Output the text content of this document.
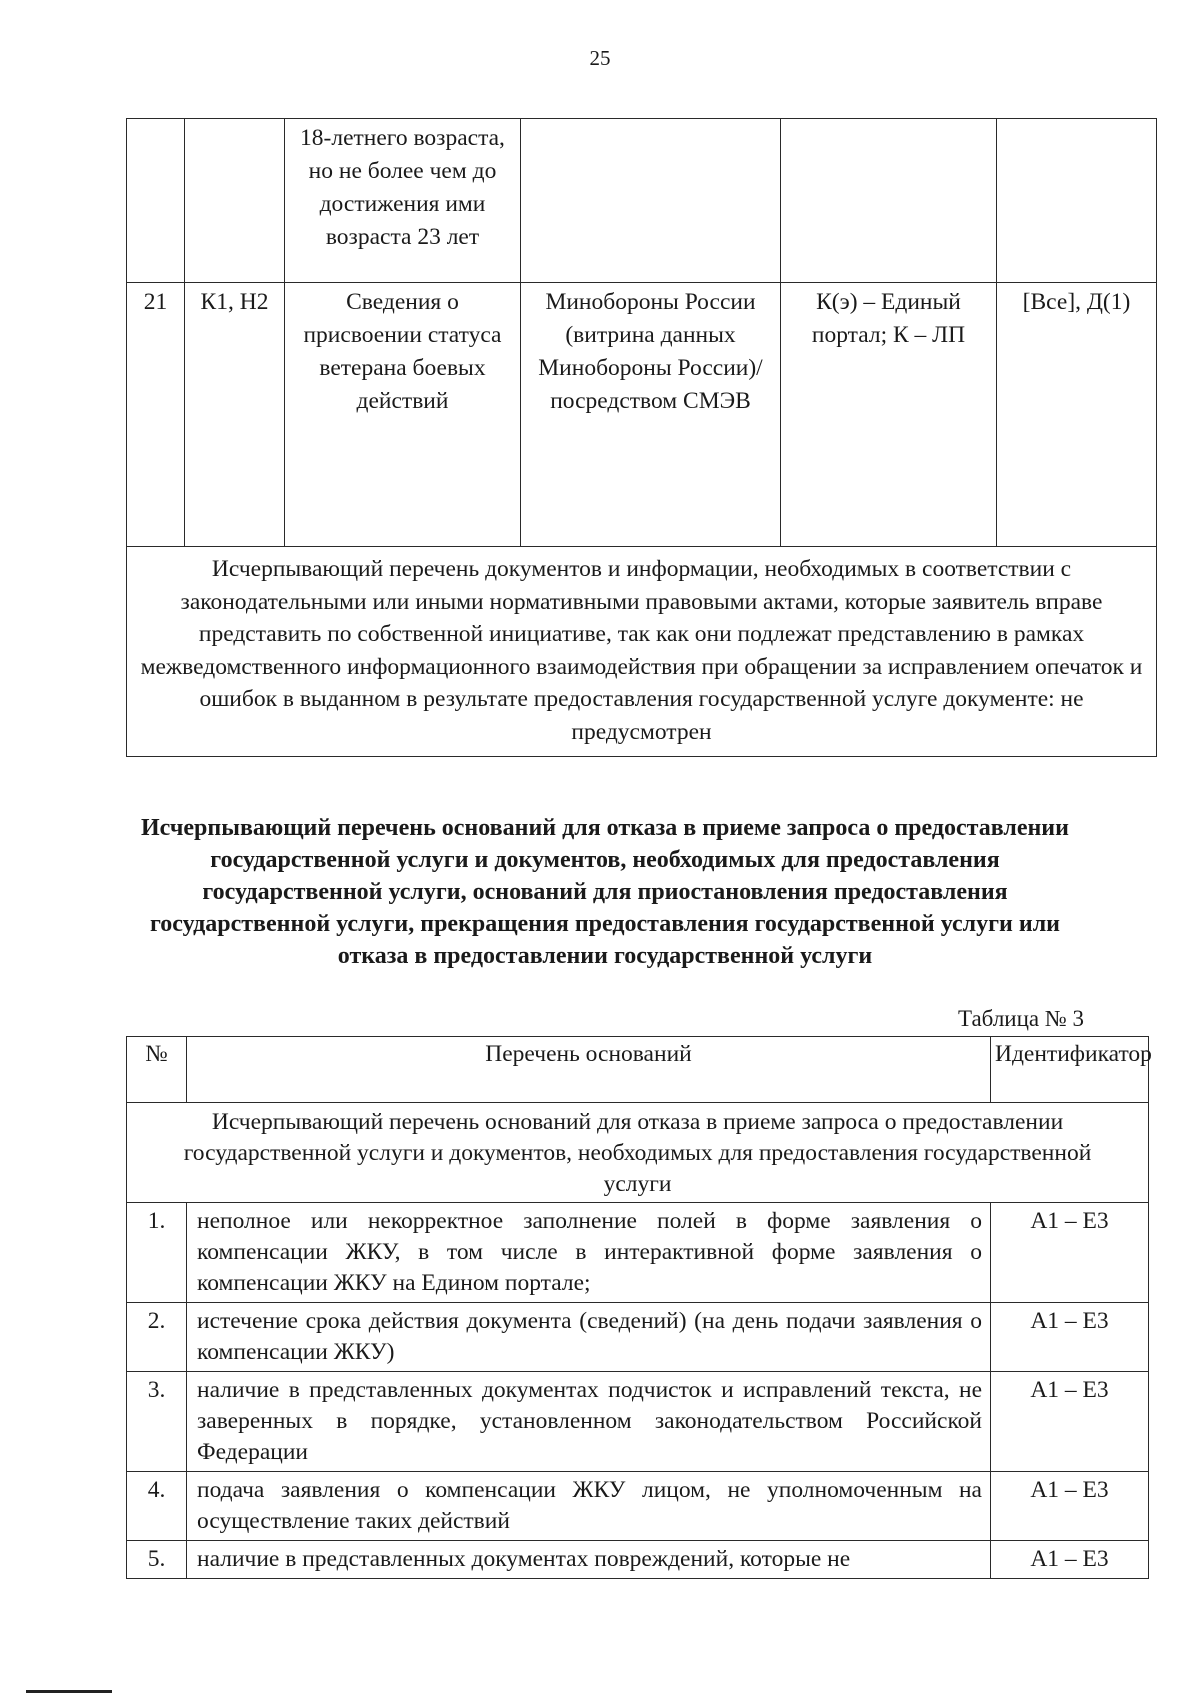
25
		18-летнего возраста, но не более чем до достижения ими возраста 23 лет			
21	К1, Н2	Сведения о присвоении статуса ветерана боевых действий	Минобороны России (витрина данных Минобороны России)/ посредством СМЭВ	К(э) – Единый портал; К – ЛП	[Все], Д(1)
Исчерпывающий перечень документов и информации, необходимых в соответствии с законодательными или иными нормативными правовыми актами, которые заявитель вправе представить по собственной инициативе, так как они подлежат представлению в рамках межведомственного информационного взаимодействия при обращении за исправлением опечаток и ошибок в выданном в результате предоставления государственной услуге документе: не предусмотрен					
Исчерпывающий перечень оснований для отказа в приеме запроса о предоставлении государственной услуги и документов, необходимых для предоставления государственной услуги, оснований для приостановления предоставления государственной услуги, прекращения предоставления государственной услуги или отказа в предоставлении государственной услуги
Таблица № 3
№	Перечень оснований	Идентификатор
Исчерпывающий перечень оснований для отказа в приеме запроса о предоставлении государственной услуги и документов, необходимых для предоставления государственной услуги		
1.	неполное или некорректное заполнение полей в форме заявления о компенсации ЖКУ, в том числе в интерактивной форме заявления о компенсации ЖКУ на Едином портале;	А1 – Е3
2.	истечение срока действия документа (сведений) (на день подачи заявления о компенсации ЖКУ)	А1 – Е3
3.	наличие в представленных документах подчисток и исправлений текста, не заверенных в порядке, установленном законодательством Российской Федерации	А1 – Е3
4.	подача заявления о компенсации ЖКУ лицом, не уполномоченным на осуществление таких действий	А1 – Е3
5.	наличие в представленных документах повреждений, которые не	А1 – Е3
